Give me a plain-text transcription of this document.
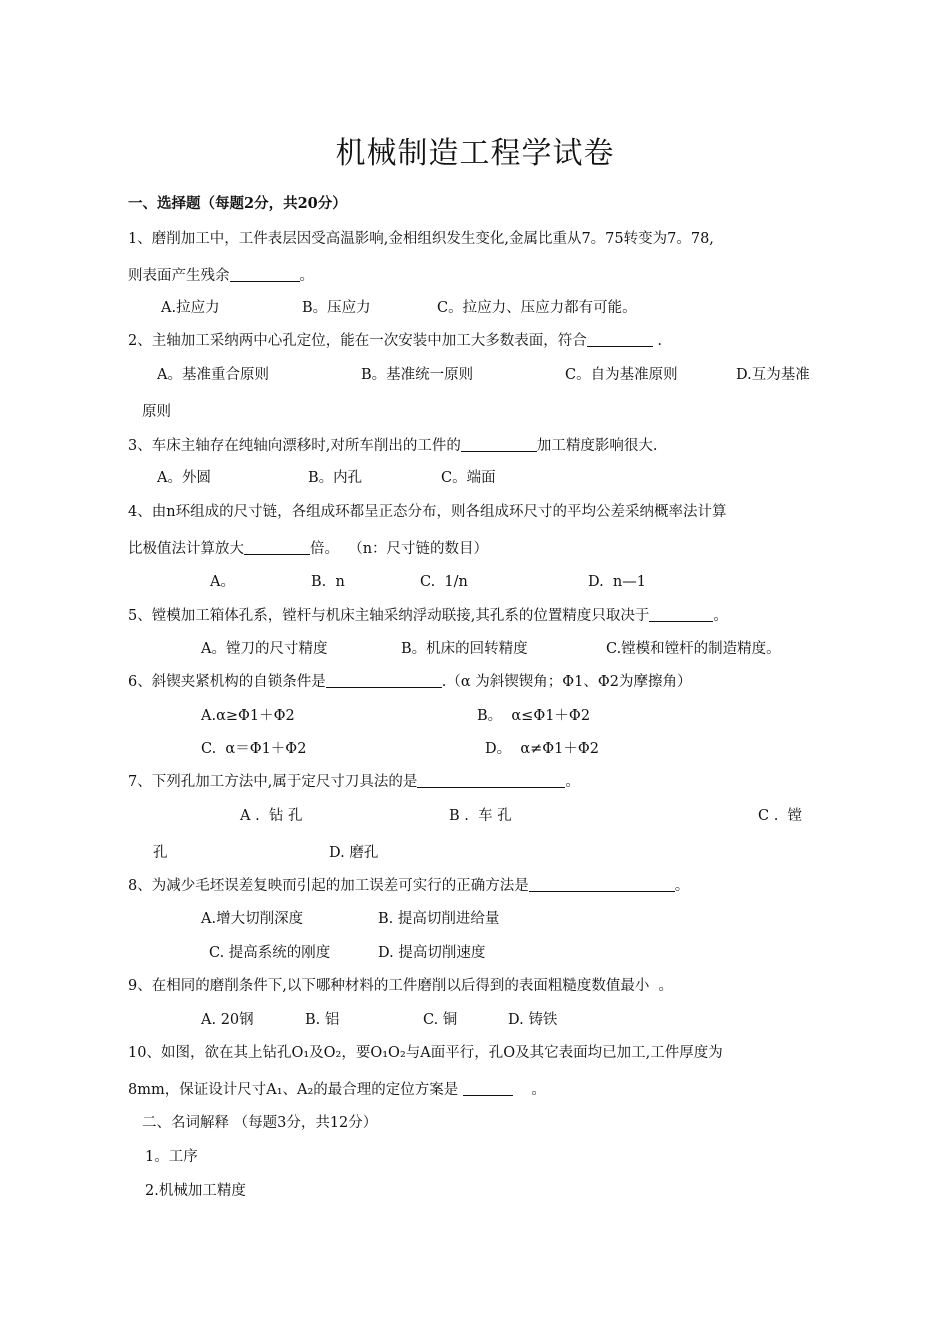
机械制造工程学试卷
一、选择题（每题2分，共20分）
1、磨削加工中，工件表层因受高温影响,金相组织发生变化,金属比重从7。75转变为7。78,
则表面产生残余	。
A.拉应力	B。压应力	C。拉应力、压应力都有可能。
2、主轴加工采纳两中心孔定位，能在一次安装中加工大多数表面，符合	.
A。基准重合原则	B。基准统一原则	C。自为基准原则	D.互为基准
原则
3、车床主轴存在纯轴向漂移时,对所车削出的工件的	加工精度影响很大.
A。外圆	B。内孔	C。端面
4、由n环组成的尺寸链，各组成环都呈正态分布，则各组成环尺寸的平均公差采纳概率法计算
比极值法计算放大	倍。  （n：尺寸链的数目）
A。	B.  n	C.  1/n	D.  n—1
5、镗模加工箱体孔系，镗杆与机床主轴采纳浮动联接,其孔系的位置精度只取决于	。
A。镗刀的尺寸精度	B。机床的回转精度	C.镗模和镗杆的制造精度。
6、斜锲夹紧机构的自锁条件是	.（α 为斜锲锲角；Φ1、Φ2为摩擦角）
A.α≥Φ1＋Φ2	B。  α≤Φ1＋Φ2
C.  α＝Φ1＋Φ2	D。  α≠Φ1＋Φ2
7、下列孔加工方法中,属于定尺寸刀具法的是	。
A .  钻 孔	B .  车 孔	C .  镗
孔	D. 磨孔
8、为减少毛坯误差复映而引起的加工误差可实行的正确方法是	。
A.增大切削深度	B. 提高切削进给量
C. 提高系统的刚度	D. 提高切削速度
9、在相同的磨削条件下,以下哪种材料的工件磨削以后得到的表面粗糙度数值最小  。
A. 20钢	B. 铝	C. 铜	D. 铸铁
10、如图，欲在其上钻孔O₁及O₂，要O₁O₂与A面平行，孔O及其它表面均已加工,工件厚度为
8mm，保证设计尺寸A₁、A₂的最合理的定位方案是	。
二、名词解释 （每题3分，共12分）
1。工序
2.机械加工精度
